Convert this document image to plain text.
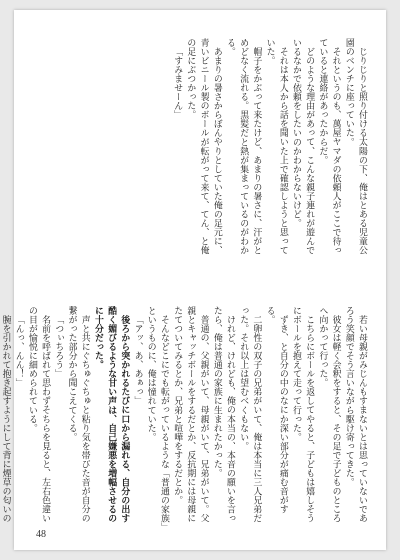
じりじりと照り付ける太陽の下、俺はとある児童公園のベンチに座っていた。

それというのも、萬屋ヤマダの依頼人がここで待っていると連絡があったからだ。

どのような理由があって、こんな親子連れが遊んでいるなかで依頼をしたいのかわからないけど。

それは本人から話を聞いた上で確認しようと思っていた。

帽子をかぶって来たけど、あまりの暑さに、汗がとめどなく流れる。黒髪だと熱が集まっているのがわかる。

あまりの暑さからぼんやりとしていた俺の足元に、青いビニール製のボールが転がって来て、てん、と俺の足にぶつかった。

「すみませーん」

若い母親がみじんもすまないとは思っていないであろう笑顔でそう言いながら駆け寄ってきた。

彼女は軽く会釈をすると、その足で子どものところへ向かって行った。

こちらにボールを返してやると、子どもは嬉しそうにボールを抱えて走って行った。

ずき、と自分の中のなにか深い部分が痛む音がする。

二卵性の双子の兄弟がいて、俺は本当に三人兄弟だった。それ以上は望むべくもない。

けれど、けれども、俺の本当の、本音の願いを言ったら、俺は普通の家族に生まれたかった。

普通の、父親がいて、母親がいて、兄弟がいて。父親とキャッチボールをするだとか、反抗期には母親にたてついてみるとか、兄弟と喧嘩をするだとか。

そんなどこにでも転がっているような「普通の家族」というものに、俺は憧れていた。

「アッ、あ、あぁっ」

後ろから突かれるたびに口から漏れる、自分の出す酷く媚びるような甘い声は、自己嫌悪を増幅させるのに十分だった。

声と共にぐちゅぐちゅと粘り気を帯びた音が自分の繋がった部分から聞こえてくる。

「つぃちろう」

名前を呼ばれて思わずそちらを見ると、左右色違いの目が愉悦に細められている。

「んっ、んん！」

腕を引かれて抱き起すようにして背に煙草の匂いの

48
